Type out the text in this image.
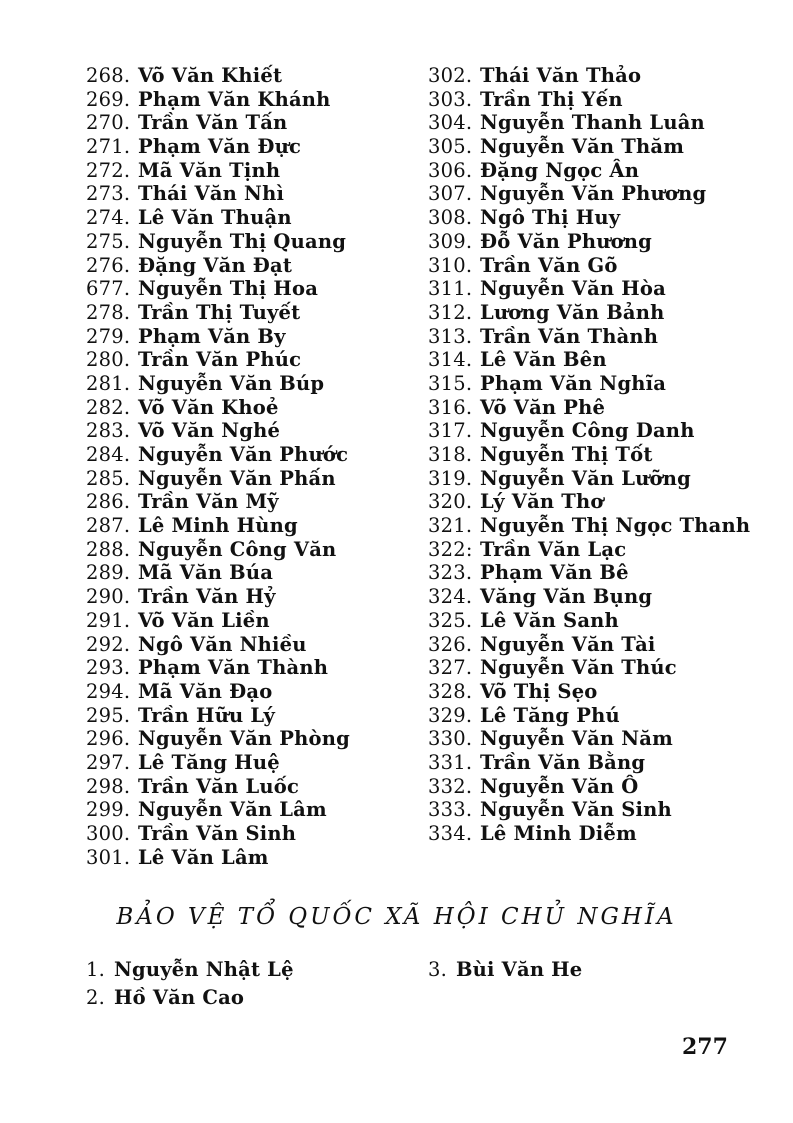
268. Võ Văn Khiết
269. Phạm Văn Khánh
270. Trần Văn Tấn
271. Phạm Văn Đực
272. Mã Văn Tịnh
273. Thái Văn Nhì
274. Lê Văn Thuận
275. Nguyễn Thị Quang
276. Đặng Văn Đạt
677. Nguyễn Thị Hoa
278. Trần Thị Tuyết
279. Phạm Văn By
280. Trần Văn Phúc
281. Nguyễn Văn Búp
282. Võ Văn Khoẻ
283. Võ Văn Nghé
284. Nguyễn Văn Phước
285. Nguyễn Văn Phấn
286. Trần Văn Mỹ
287. Lê Minh Hùng
288. Nguyễn Công Văn
289. Mã Văn Búa
290. Trần Văn Hỷ
291. Võ Văn Liền
292. Ngô Văn Nhiều
293. Phạm Văn Thành
294. Mã Văn Đạo
295. Trần Hữu Lý
296. Nguyễn Văn Phòng
297. Lê Tăng Huệ
298. Trần Văn Luốc
299. Nguyễn Văn Lâm
300. Trần Văn Sinh
301. Lê Văn Lâm
302. Thái Văn Thảo
303. Trần Thị Yến
304. Nguyễn Thanh Luân
305. Nguyễn Văn Thăm
306. Đặng Ngọc Ân
307. Nguyễn Văn Phương
308. Ngô Thị Huy
309. Đỗ Văn Phương
310. Trần Văn Gõ
311. Nguyễn Văn Hòa
312. Lương Văn Bảnh
313. Trần Văn Thành
314. Lê Văn Bên
315. Phạm Văn Nghĩa
316. Võ Văn Phê
317. Nguyễn Công Danh
318. Nguyễn Thị Tốt
319. Nguyễn Văn Lưỡng
320. Lý Văn Thơ
321. Nguyễn Thị Ngọc Thanh
322: Trần Văn Lạc
323. Phạm Văn Bê
324. Văng Văn Bụng
325. Lê Văn Sanh
326. Nguyễn Văn Tài
327. Nguyễn Văn Thúc
328. Võ Thị Sẹo
329. Lê Tăng Phú
330. Nguyễn Văn Năm
331. Trần Văn Bằng
332. Nguyễn Văn Ô
333. Nguyễn Văn Sinh
334. Lê Minh Diễm
BẢO VỆ TỔ QUỐC XÃ HỘI CHỦ NGHĨA
1. Nguyễn Nhật Lệ
2. Hồ Văn Cao
3. Bùi Văn He
277
